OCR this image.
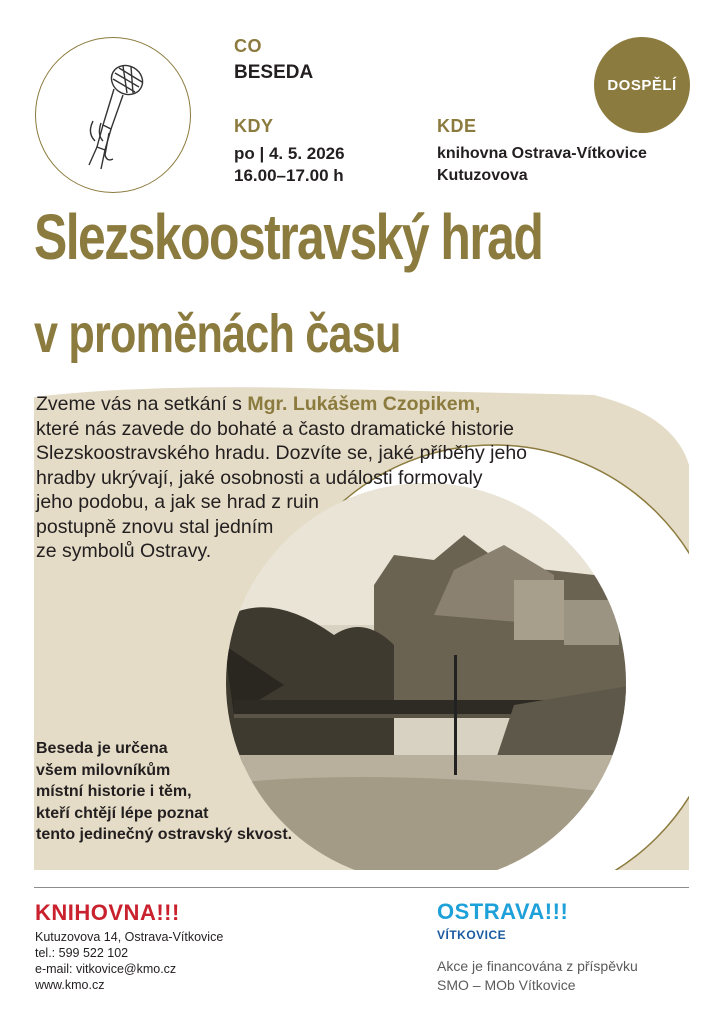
CO
BESEDA
KDY
po | 4. 5. 2026
16.00–17.00 h
KDE
knihovna Ostrava-Vítkovice
Kutuzovova
DOSPĚLÍ
Slezskoostravský hrad
v proměnách času
Zveme vás na setkání s Mgr. Lukášem Czopikem,
které nás zavede do bohaté a často dramatické historie
Slezskoostravského hradu. Dozvíte se, jaké příběhy jeho
hradby ukrývají, jaké osobnosti a události formovaly
jeho podobu, a jak se hrad z ruin
postupně znovu stal jedním
ze symbolů Ostravy.
Beseda je určena
všem milovníkům
místní historie i těm,
kteří chtějí lépe poznat
tento jedinečný ostravský skvost.
KNIHOVNA!!!
Kutuzovova 14, Ostrava-Vítkovice
tel.: 599 522 102
e-mail: vitkovice@kmo.cz
www.kmo.cz
OSTRAVA!!!
VÍTKOVICE
Akce je financována z příspěvku
SMO – MOb Vítkovice
